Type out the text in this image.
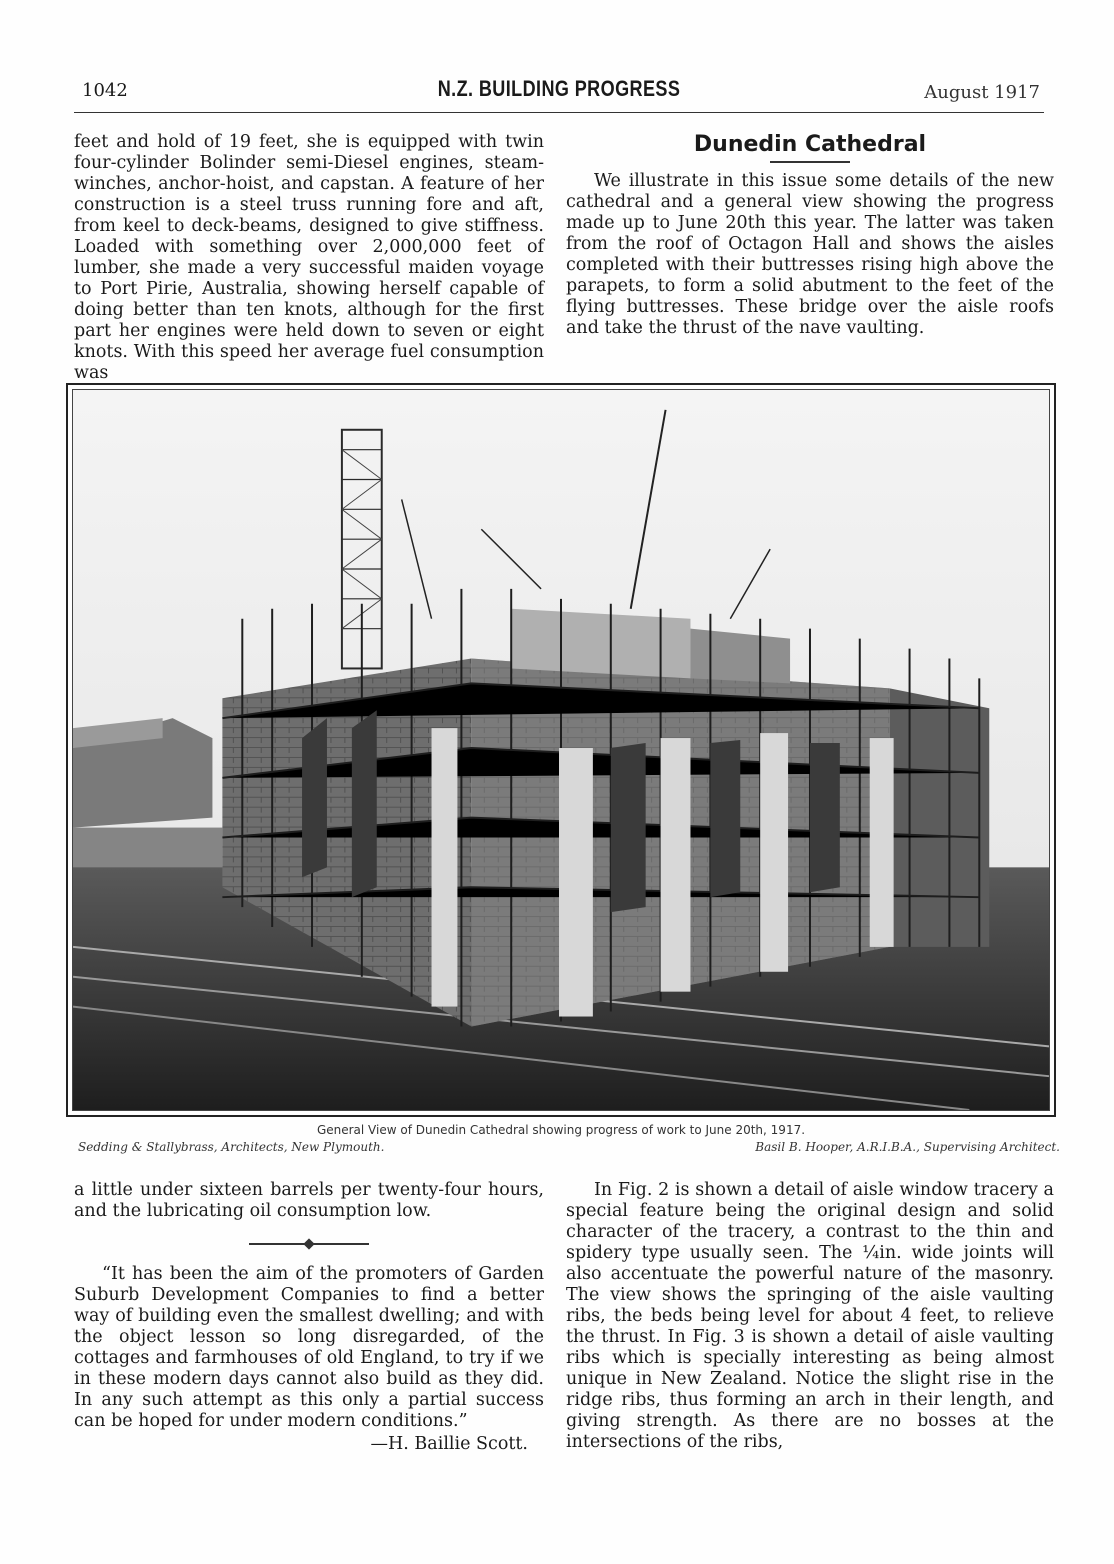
1042	N.Z. BUILDING PROGRESS	August 1917

feet and hold of 19 feet, she is equipped with twin four-cylinder Bolinder semi-Diesel engines, steam-winches, anchor-hoist, and capstan. A feature of her construction is a steel truss running fore and aft, from keel to deck-beams, designed to give stiffness. Loaded with something over 2,000,000 feet of lumber, she made a very successful maiden voyage to Port Pirie, Australia, showing herself capable of doing better than ten knots, although for the first part her engines were held down to seven or eight knots. With this speed her average fuel consumption was

Dunedin Cathedral

We illustrate in this issue some details of the new cathedral and a general view showing the progress made up to June 20th this year. The latter was taken from the roof of Octagon Hall and shows the aisles completed with their buttresses rising high above the parapets, to form a solid abutment to the feet of the flying buttresses. These bridge over the aisle roofs and take the thrust of the nave vaulting.

General View of Dunedin Cathedral showing progress of work to June 20th, 1917.
Sedding & Stallybrass, Architects, New Plymouth.	Basil B. Hooper, A.R.I.B.A., Supervising Architect.

a little under sixteen barrels per twenty-four hours, and the lubricating oil consumption low.

“It has been the aim of the promoters of Garden Suburb Development Companies to find a better way of building even the smallest dwelling; and with the object lesson so long disregarded, of the cottages and farmhouses of old England, to try if we in these modern days cannot also build as they did. In any such attempt as this only a partial success can be hoped for under modern conditions.”

—H. Baillie Scott.

In Fig. 2 is shown a detail of aisle window tracery a special feature being the original design and solid character of the tracery, a contrast to the thin and spidery type usually seen. The ¼in. wide joints will also accentuate the powerful nature of the masonry. The view shows the springing of the aisle vaulting ribs, the beds being level for about 4 feet, to relieve the thrust. In Fig. 3 is shown a detail of aisle vaulting ribs which is specially interesting as being almost unique in New Zealand. Notice the slight rise in the ridge ribs, thus forming an arch in their length, and giving strength. As there are no bosses at the intersections of the ribs,
